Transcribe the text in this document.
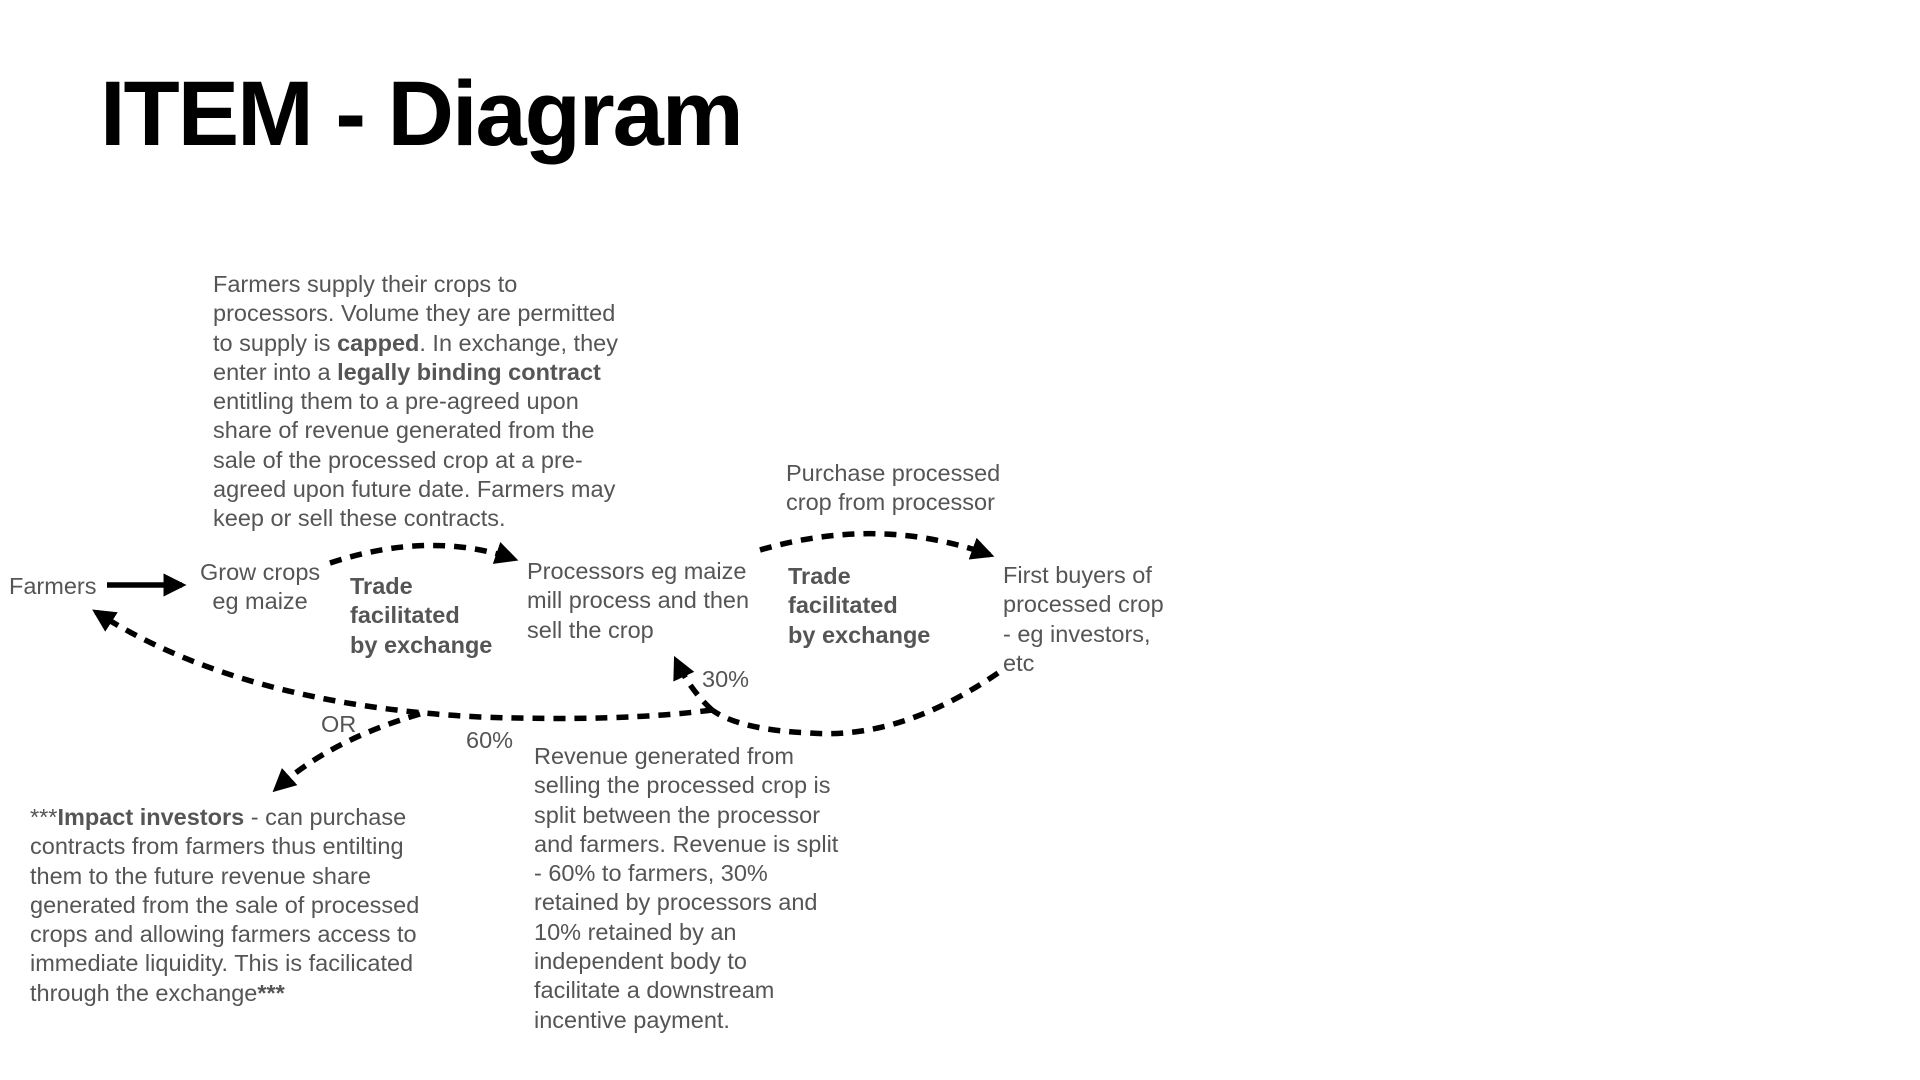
ITEM - Diagram
Farmers supply their crops to
processors. Volume they are permitted
to supply is capped. In exchange, they
enter into a legally binding contract
entitling them to a pre-agreed upon
share of revenue generated from the
sale of the processed crop at a pre-
agreed upon future date. Farmers may
keep or sell these contracts.
Purchase processed
crop from processor
Farmers
Grow crops
eg maize
Trade
facilitated
by exchange
Processors eg maize
mill process and then
sell the crop
Trade
facilitated
by exchange
First buyers of
processed crop
- eg investors,
etc
30%
60%
OR
***Impact investors - can purchase
contracts from farmers thus entilting
them to the future revenue share
generated from the sale of processed
crops and allowing farmers access to
immediate liquidity. This is facilicated
through the exchange***
Revenue generated from
selling the processed crop is
split between the processor
and farmers. Revenue is split
- 60% to farmers, 30%
retained by processors and
10% retained by an
independent body to
facilitate a downstream
incentive payment.
